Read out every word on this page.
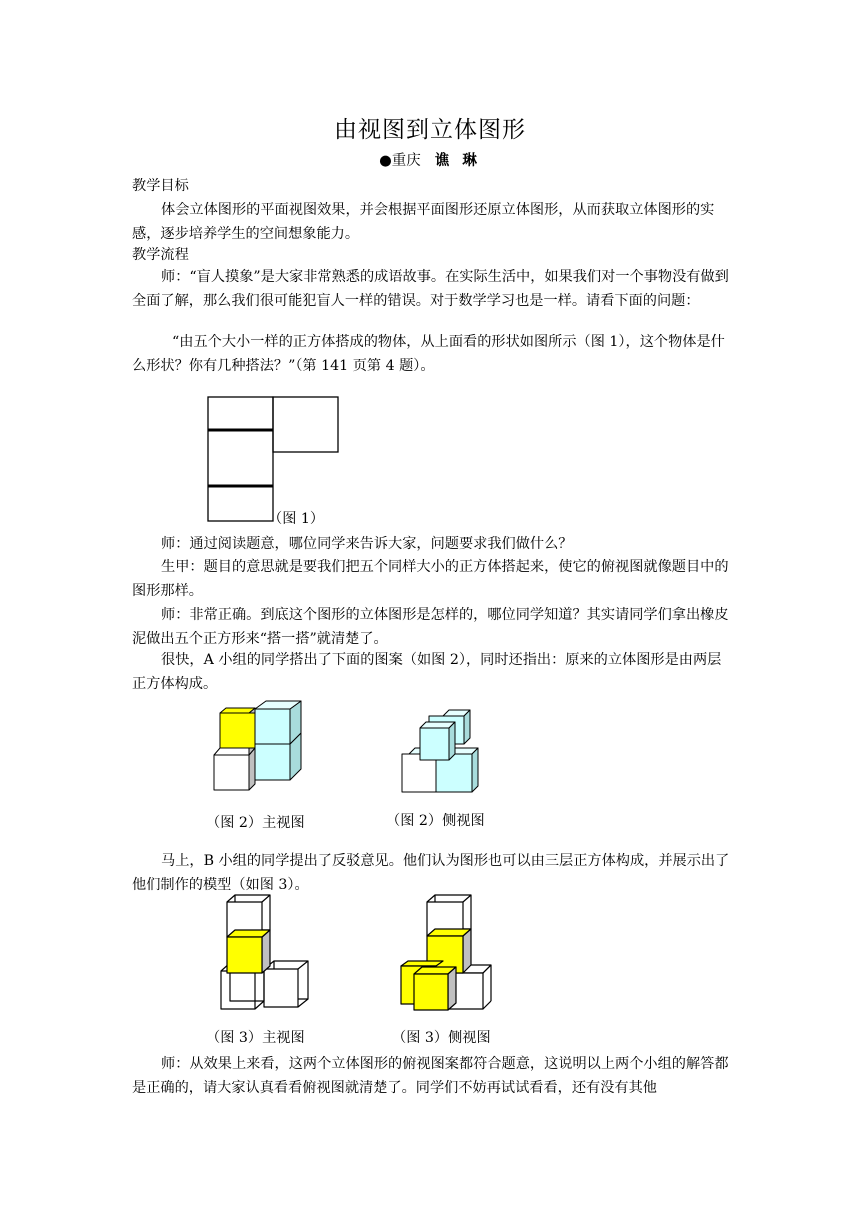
由视图到立体图形
●重庆 谯 琳

教学目标

体会立体图形的平面视图效果，并会根据平面图形还原立体图形，从而获取立体图形的实感，逐步培养学生的空间想象能力。

教学流程

师：“盲人摸象”是大家非常熟悉的成语故事。在实际生活中，如果我们对一个事物没有做到全面了解，那么我们很可能犯盲人一样的错误。对于数学学习也是一样。请看下面的问题：

“由五个大小一样的正方体搭成的物体，从上面看的形状如图所示（图 1），这个物体是什么形状？你有几种搭法？”（第 141 页第 4 题）。

（图 1）

师：通过阅读题意，哪位同学来告诉大家，问题要求我们做什么？

生甲：题目的意思就是要我们把五个同样大小的正方体搭起来，使它的俯视图就像题目中的图形那样。

师：非常正确。到底这个图形的立体图形是怎样的，哪位同学知道？其实请同学们拿出橡皮泥做出五个正方形来“搭一搭”就清楚了。

很快，A 小组的同学搭出了下面的图案（如图 2），同时还指出：原来的立体图形是由两层正方体构成。

（图 2）主视图	（图 2）侧视图

马上，B 小组的同学提出了反驳意见。他们认为图形也可以由三层正方体构成，并展示出了他们制作的模型（如图 3）。

（图 3）主视图	（图 3）侧视图

师：从效果上来看，这两个立体图形的俯视图案都符合题意，这说明以上两个小组的解答都是正确的，请大家认真看看俯视图就清楚了。同学们不妨再试试看看，还有没有其他
